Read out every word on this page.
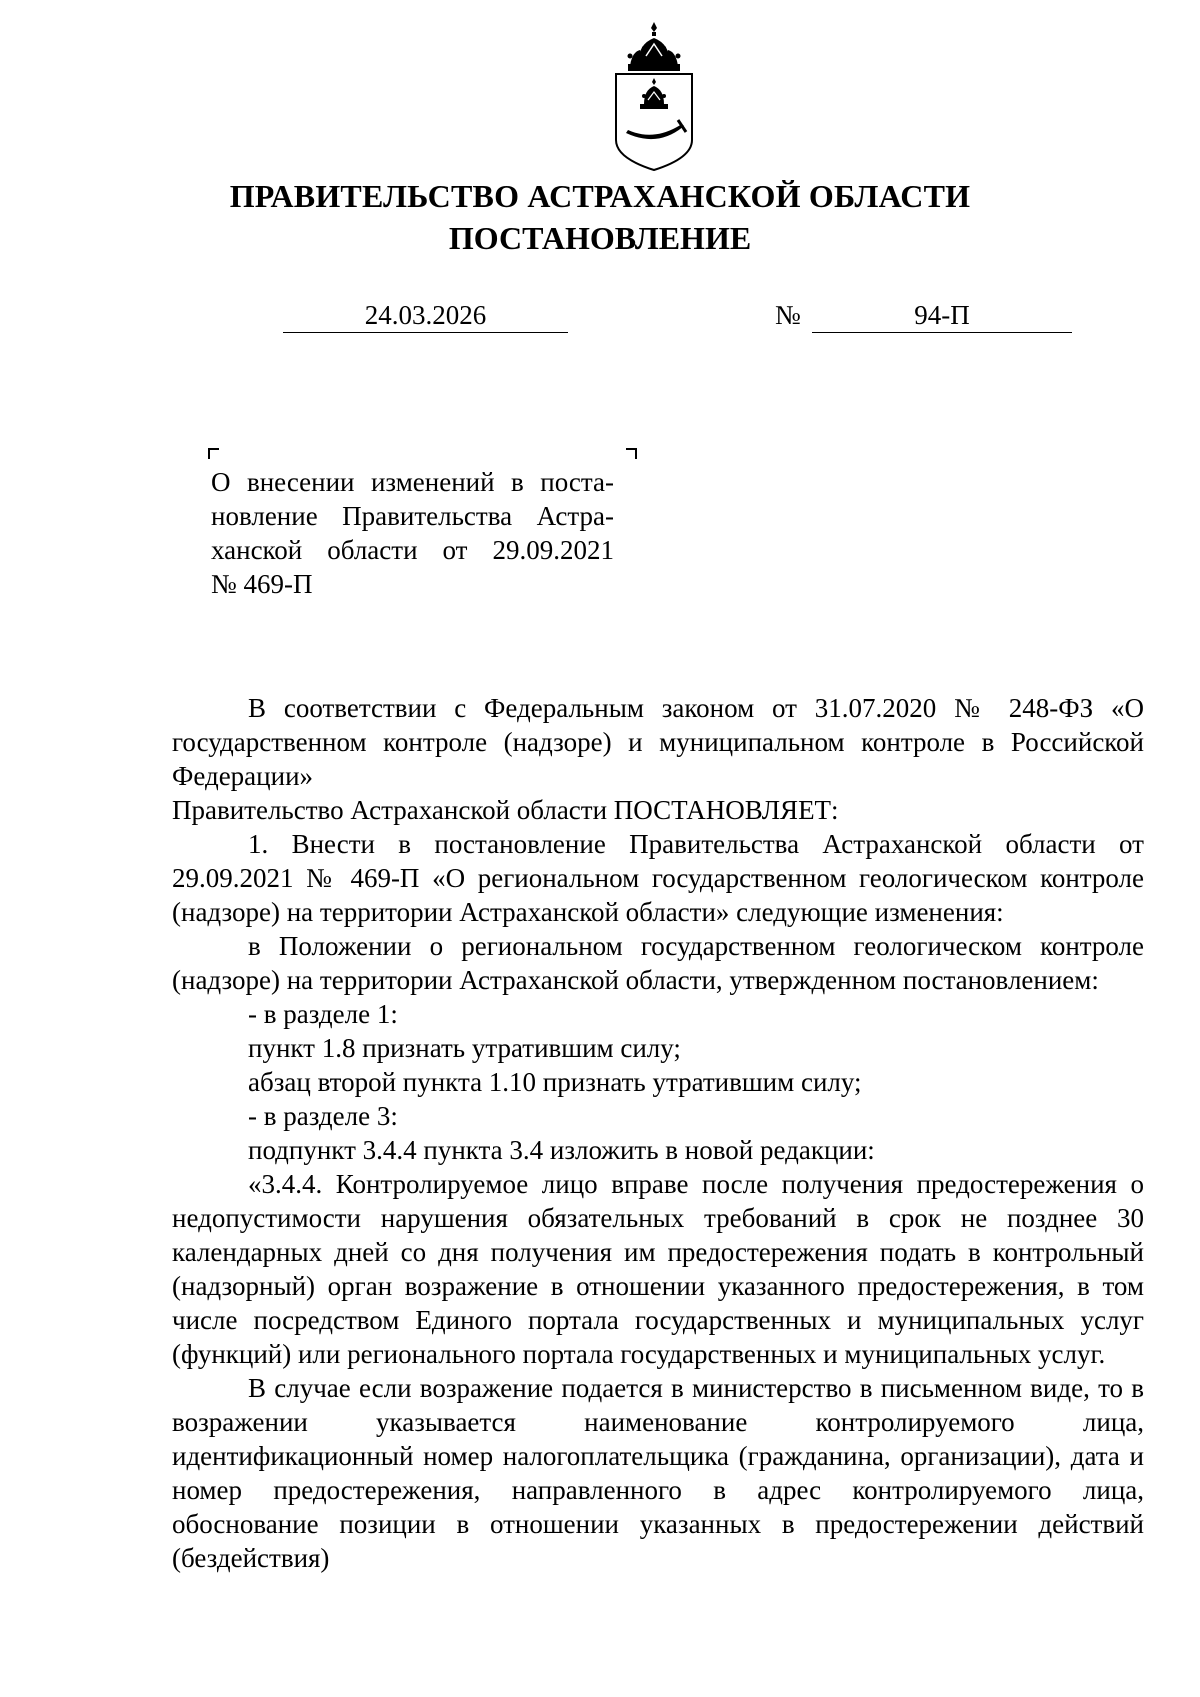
ПРАВИТЕЛЬСТВО АСТРАХАНСКОЙ ОБЛАСТИ
ПОСТАНОВЛЕНИЕ
24.03.2026	№	94-П

О внесении изменений в поста-

новление Правительства Астра-

ханской области от 29.09.2021

№ 469-П

В соответствии с Федеральным законом от 31.07.2020 № 248-ФЗ «О государственном контроле (надзоре) и муниципальном контроле в Российской Федерации»

Правительство Астраханской области ПОСТАНОВЛЯЕТ:

1. Внести в постановление Правительства Астраханской области от 29.09.2021 № 469-П «О региональном государственном геологическом контроле (надзоре) на территории Астраханской области» следующие изменения:

в Положении о региональном государственном геологическом контроле (надзоре) на территории Астраханской области, утвержденном постановлением:

- в разделе 1:

пункт 1.8 признать утратившим силу;

абзац второй пункта 1.10 признать утратившим силу;

- в разделе 3:

подпункт 3.4.4 пункта 3.4 изложить в новой редакции:

«3.4.4. Контролируемое лицо вправе после получения предостережения о недопустимости нарушения обязательных требований в срок не позднее 30 календарных дней со дня получения им предостережения подать в контрольный (надзорный) орган возражение в отношении указанного предостережения, в том числе посредством Единого портала государственных и муниципальных услуг (функций) или регионального портала государственных и муниципальных услуг.

В случае если возражение подается в министерство в письменном виде, то в возражении указывается наименование контролируемого лица, идентификационный номер налогоплательщика (гражданина, организации), дата и номер предостережения, направленного в адрес контролируемого лица, обоснование позиции в отношении указанных в предостережении действий (бездействия)
